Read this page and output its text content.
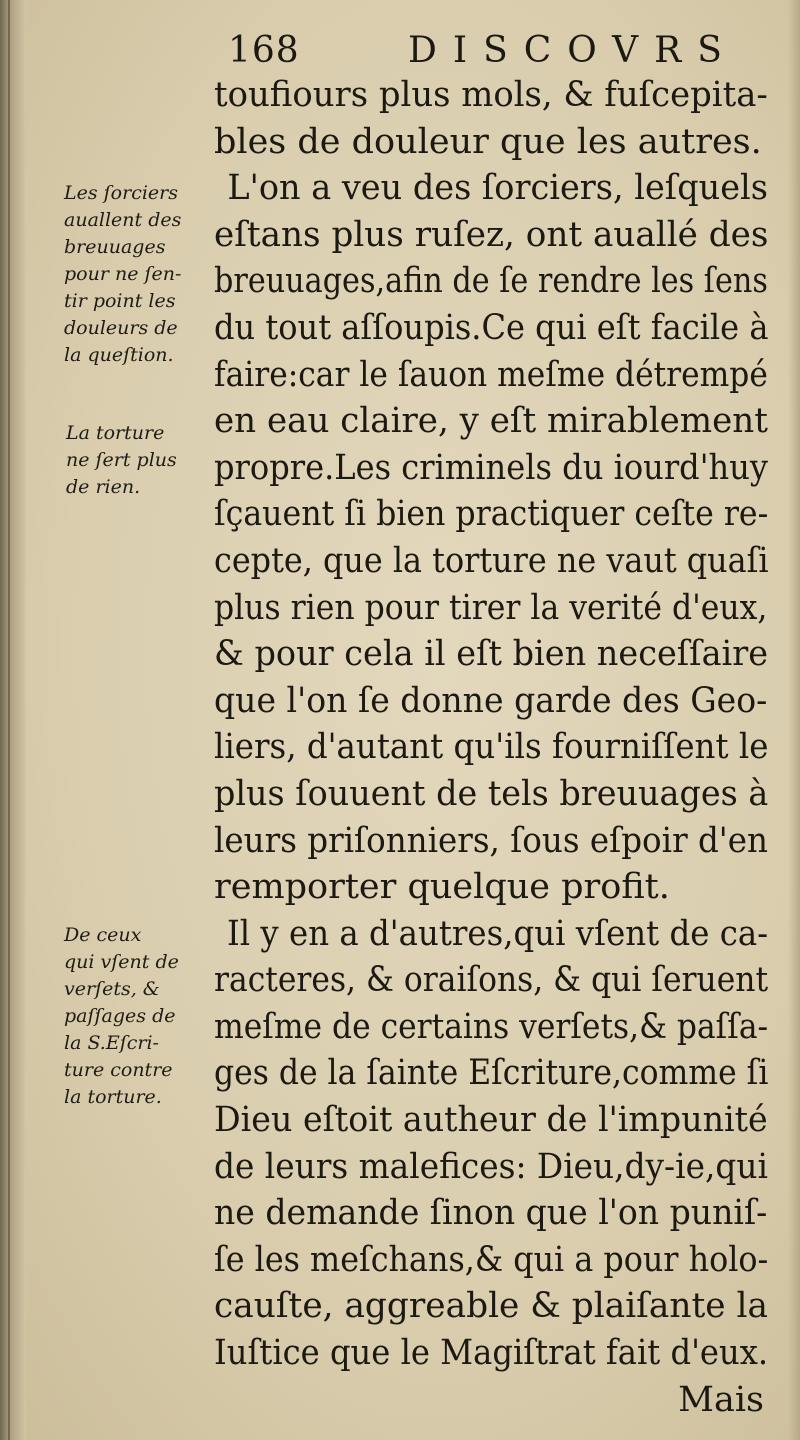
168	DISCOVRS
Les ſorciers
auallent des
breuuages
pour ne ſen-
tir point les
douleurs de
la queſtion.
La torture
ne ſert plus
de rien.
De ceux
qui vſent de
verſets, &
paſſages de
la S.Eſcri-
ture contre
la torture.
toufiours plus mols, & fuſcepita-
bles de douleur que les autres.
L'on a veu des ſorciers, leſquels
eſtans plus ruſez, ont auallé des
breuuages,afin de ſe rendre les ſens
du tout aſſoupis.Ce qui eſt facile à
faire:car le ſauon meſme détrempé
en eau claire, y eſt mirablement
propre.Les criminels du iourd'huy
ſçauent ſi bien practiquer ceſte re-
cepte, que la torture ne vaut quaſi
plus rien pour tirer la verité d'eux,
& pour cela il eſt bien neceſſaire
que l'on ſe donne garde des Geo-
liers, d'autant qu'ils fourniſſent le
plus ſouuent de tels breuuages à
leurs priſonniers, ſous eſpoir d'en
remporter quelque profit.
Il y en a d'autres,qui vſent de ca-
racteres, & oraiſons, & qui ſeruent
meſme de certains verſets,& paſſa-
ges de la ſainte Eſcriture,comme ſi
Dieu eſtoit autheur de l'impunité
de leurs malefices: Dieu,dy-ie,qui
ne demande ſinon que l'on puniſ-
ſe les meſchans,& qui a pour holo-
cauſte, aggreable & plaiſante la
Iuſtice que le Magiſtrat fait d'eux.
Mais
